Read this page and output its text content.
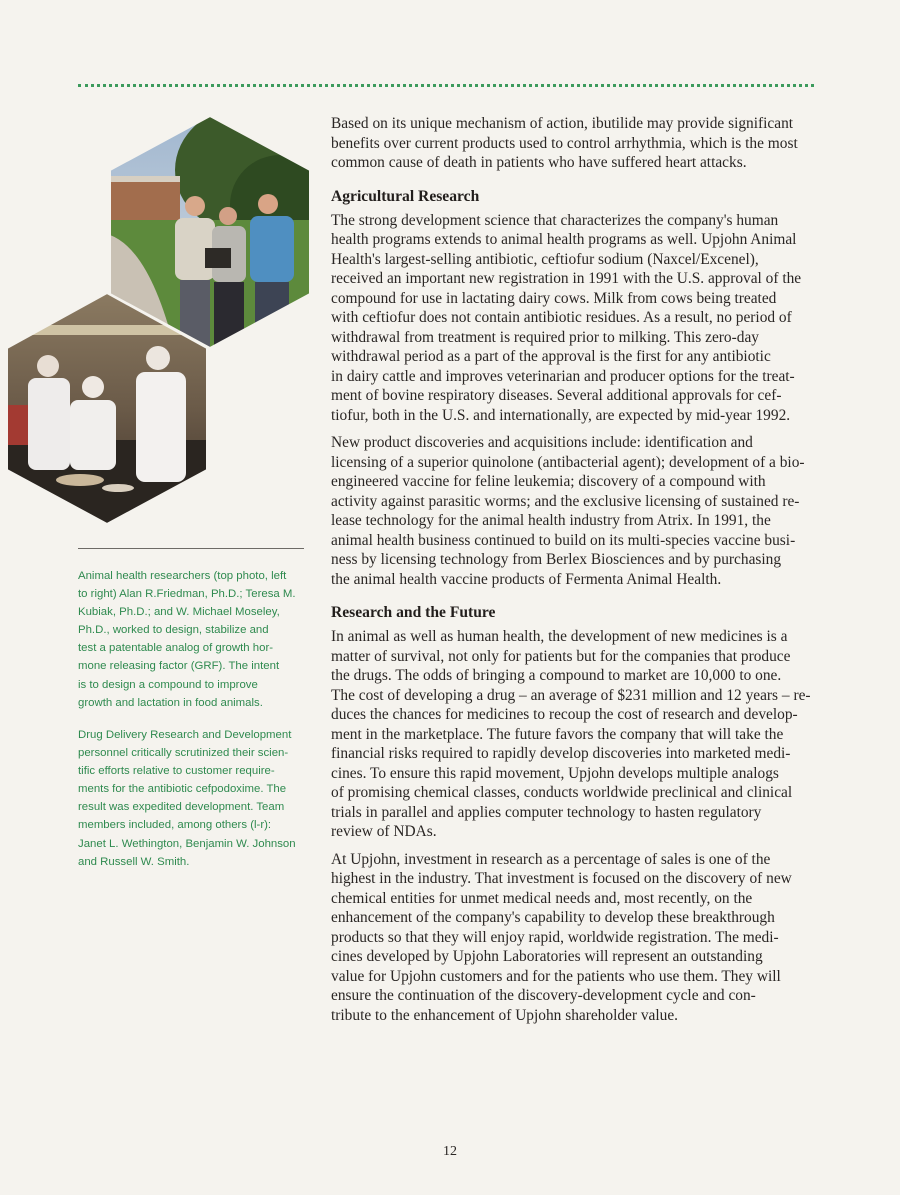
Animal health researchers (top photo, left
to right) Alan R.Friedman, Ph.D.; Teresa M.
Kubiak, Ph.D.; and W. Michael Moseley,
Ph.D., worked to design, stabilize and
test a patentable analog of growth hor-
mone releasing factor (GRF). The intent
is to design a compound to improve
growth and lactation in food animals.
Drug Delivery Research and Development
personnel critically scrutinized their scien-
tific efforts relative to customer require-
ments for the antibiotic cefpodoxime. The
result was expedited development. Team
members included, among others (l-r):
Janet L. Wethington, Benjamin W. Johnson
and Russell W. Smith.

Based on its unique mechanism of action, ibutilide may provide significant
benefits over current products used to control arrhythmia, which is the most
common cause of death in patients who have suffered heart attacks.

Agricultural Research

The strong development science that characterizes the company's human
health programs extends to animal health programs as well. Upjohn Animal
Health's largest-selling antibiotic, ceftiofur sodium (Naxcel/Excenel),
received an important new registration in 1991 with the U.S. approval of the
compound for use in lactating dairy cows. Milk from cows being treated
with ceftiofur does not contain antibiotic residues. As a result, no period of
withdrawal from treatment is required prior to milking. This zero-day
withdrawal period as a part of the approval is the first for any antibiotic
in dairy cattle and improves veterinarian and producer options for the treat-
ment of bovine respiratory diseases. Several additional approvals for cef-
tiofur, both in the U.S. and internationally, are expected by mid-year 1992.

New product discoveries and acquisitions include: identification and
licensing of a superior quinolone (antibacterial agent); development of a bio-
engineered vaccine for feline leukemia; discovery of a compound with
activity against parasitic worms; and the exclusive licensing of sustained re-
lease technology for the animal health industry from Atrix. In 1991, the
animal health business continued to build on its multi-species vaccine busi-
ness by licensing technology from Berlex Biosciences and by purchasing
the animal health vaccine products of Fermenta Animal Health.

Research and the Future

In animal as well as human health, the development of new medicines is a
matter of survival, not only for patients but for the companies that produce
the drugs. The odds of bringing a compound to market are 10,000 to one.
The cost of developing a drug – an average of $231 million and 12 years – re-
duces the chances for medicines to recoup the cost of research and develop-
ment in the marketplace. The future favors the company that will take the
financial risks required to rapidly develop discoveries into marketed medi-
cines. To ensure this rapid movement, Upjohn develops multiple analogs
of promising chemical classes, conducts worldwide preclinical and clinical
trials in parallel and applies computer technology to hasten regulatory
review of NDAs.

At Upjohn, investment in research as a percentage of sales is one of the
highest in the industry. That investment is focused on the discovery of new
chemical entities for unmet medical needs and, most recently, on the
enhancement of the company's capability to develop these breakthrough
products so that they will enjoy rapid, worldwide registration. The medi-
cines developed by Upjohn Laboratories will represent an outstanding
value for Upjohn customers and for the patients who use them. They will
ensure the continuation of the discovery-development cycle and con-
tribute to the enhancement of Upjohn shareholder value.

12
